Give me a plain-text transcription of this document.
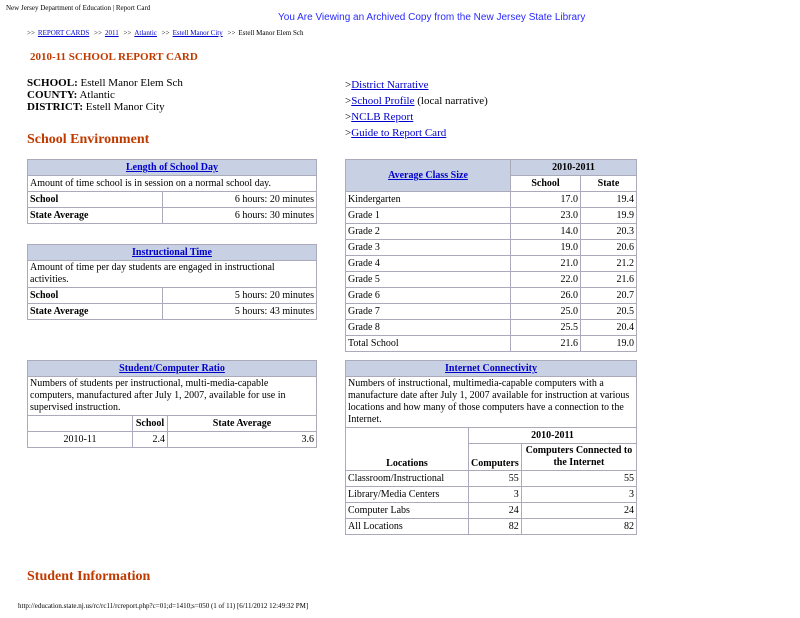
New Jersey Department of Education | Report Card
You Are Viewing an Archived Copy from the New Jersey State Library
>> REPORT CARDS >> 2011 >> Atlantic >> Estell Manor City >> Estell Manor Elem Sch
2010-11 SCHOOL REPORT CARD
SCHOOL: Estell Manor Elem Sch
COUNTY: Atlantic
DISTRICT: Estell Manor City
>District Narrative
>School Profile (local narrative)
>NCLB Report
>Guide to Report Card
School Environment
Length of School Day	
Amount of time school is in session on a normal school day.	
School	6 hours: 20 minutes
State Average	6 hours: 30 minutes
Instructional Time	
Amount of time per day students are engaged in instructional activities.	
School	5 hours: 20 minutes
State Average	5 hours: 43 minutes
Average Class Size	2010-2011	
	School	State
Kindergarten	17.0	19.4
Grade 1	23.0	19.9
Grade 2	14.0	20.3
Grade 3	19.0	20.6
Grade 4	21.0	21.2
Grade 5	22.0	21.6
Grade 6	26.0	20.7
Grade 7	25.0	20.5
Grade 8	25.5	20.4
Total School	21.6	19.0
Student/Computer Ratio		
Numbers of students per instructional, multi-media-capable computers, manufactured after July 1, 2007, available for use in supervised instruction.		
	School	State Average
2010-11	2.4	3.6
Internet Connectivity		
Numbers of instructional, multimedia-capable computers with a manufacture date after July 1, 2007 available for instruction at various locations and how many of those computers have a connection to the Internet.		
Locations	2010-2011	
	Computers	Computers Connected to the Internet
Classroom/Instructional	55	55
Library/Media Centers	3	3
Computer Labs	24	24
All Locations	82	82
Student Information
http://education.state.nj.us/rc/rc11/rcreport.php?c=01;d=1410;s=050 (1 of 11) [6/11/2012 12:49:32 PM]
